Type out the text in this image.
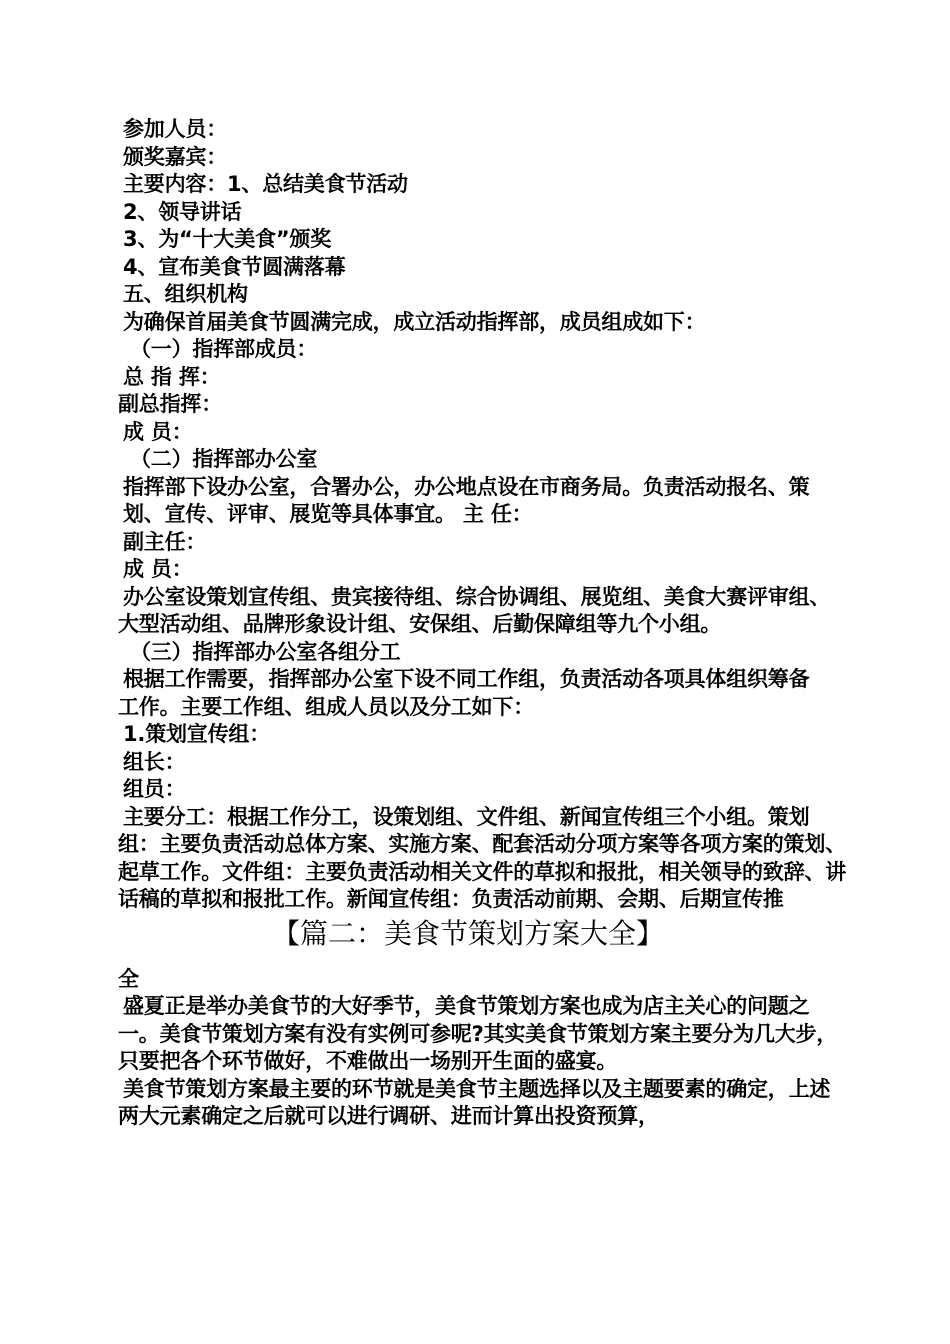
参加人员：
颁奖嘉宾：
主要内容：1、总结美食节活动
2、领导讲话
3、为“十大美食”颁奖
4、宣布美食节圆满落幕
五、组织机构
为确保首届美食节圆满完成，成立活动指挥部，成员组成如下：
（一）指挥部成员：
总 指 挥：
副总指挥：
成 员：
（二）指挥部办公室
指挥部下设办公室，合署办公，办公地点设在市商务局。负责活动报名、策划、宣传、评审、展览等具体事宜。 主 任：
副主任：
成 员：
办公室设策划宣传组、贵宾接待组、综合协调组、展览组、美食大赛评审组、大型活动组、品牌形象设计组、安保组、后勤保障组等九个小组。
（三）指挥部办公室各组分工
根据工作需要，指挥部办公室下设不同工作组，负责活动各项具体组织筹备工作。主要工作组、组成人员以及分工如下：
1.策划宣传组：
组长：
组员：
主要分工：根据工作分工，设策划组、文件组、新闻宣传组三个小组。策划组：主要负责活动总体方案、实施方案、配套活动分项方案等各项方案的策划、起草工作。文件组：主要负责活动相关文件的草拟和报批，相关领导的致辞、讲话稿的草拟和报批工作。新闻宣传组：负责活动前期、会期、后期宣传推
【篇二：美食节策划方案大全】
全
盛夏正是举办美食节的大好季节，美食节策划方案也成为店主关心的问题之一。美食节策划方案有没有实例可参呢?其实美食节策划方案主要分为几大步，只要把各个环节做好，不难做出一场别开生面的盛宴。
美食节策划方案最主要的环节就是美食节主题选择以及主题要素的确定，上述两大元素确定之后就可以进行调研、进而计算出投资预算，
